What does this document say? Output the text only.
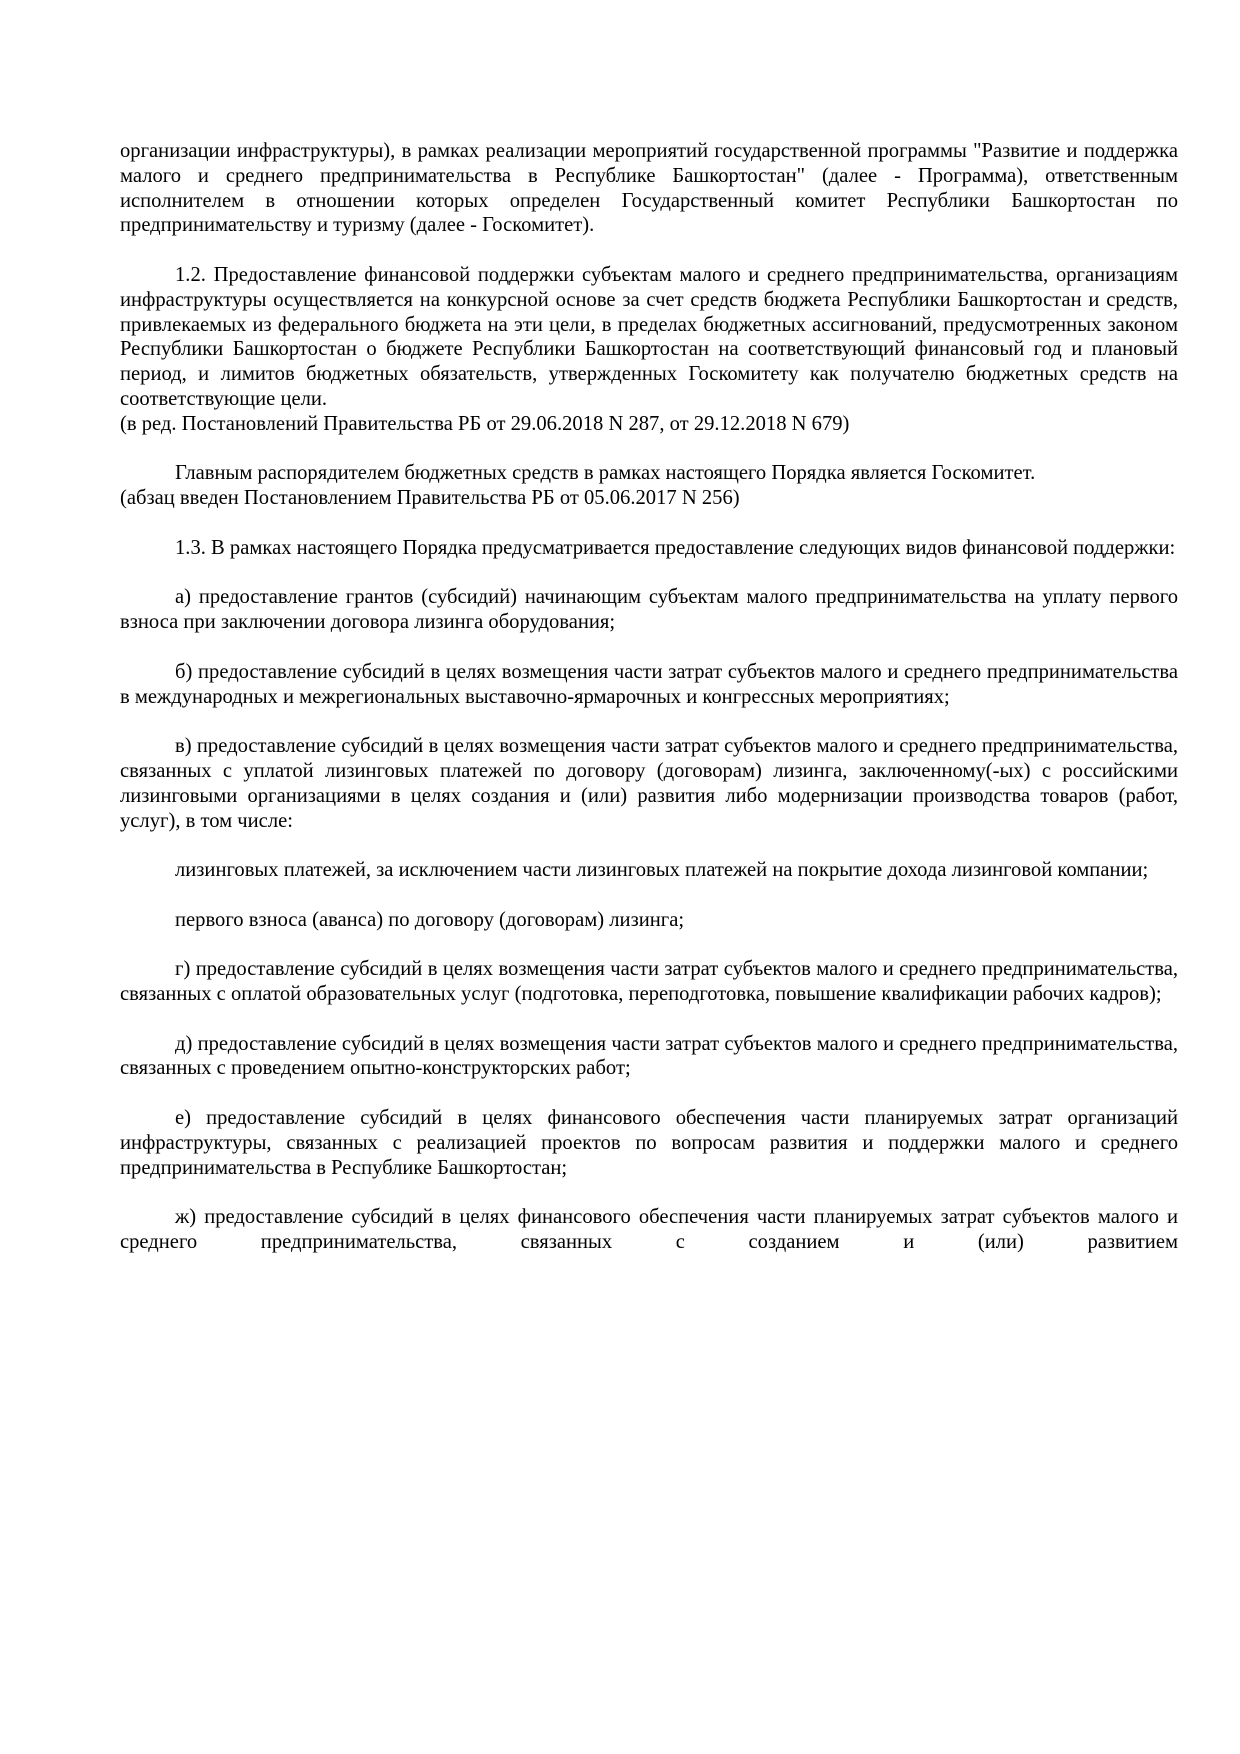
организации инфраструктуры), в рамках реализации мероприятий государственной программы "Развитие и поддержка малого и среднего предпринимательства в Республике Башкортостан" (далее - Программа), ответственным исполнителем в отношении которых определен Государственный комитет Республики Башкортостан по предпринимательству и туризму (далее - Госкомитет).

1.2. Предоставление финансовой поддержки субъектам малого и среднего предпринимательства, организациям инфраструктуры осуществляется на конкурсной основе за счет средств бюджета Республики Башкортостан и средств, привлекаемых из федерального бюджета на эти цели, в пределах бюджетных ассигнований, предусмотренных законом Республики Башкортостан о бюджете Республики Башкортостан на соответствующий финансовый год и плановый период, и лимитов бюджетных обязательств, утвержденных Госкомитету как получателю бюджетных средств на соответствующие цели.

(в ред. Постановлений Правительства РБ от 29.06.2018 N 287, от 29.12.2018 N 679)

Главным распорядителем бюджетных средств в рамках настоящего Порядка является Госкомитет.

(абзац введен Постановлением Правительства РБ от 05.06.2017 N 256)

1.3. В рамках настоящего Порядка предусматривается предоставление следующих видов финансовой поддержки:

а) предоставление грантов (субсидий) начинающим субъектам малого предпринимательства на уплату первого взноса при заключении договора лизинга оборудования;

б) предоставление субсидий в целях возмещения части затрат субъектов малого и среднего предпринимательства в международных и межрегиональных выставочно-ярмарочных и конгрессных мероприятиях;

в) предоставление субсидий в целях возмещения части затрат субъектов малого и среднего предпринимательства, связанных с уплатой лизинговых платежей по договору (договорам) лизинга, заключенному(-ых) с российскими лизинговыми организациями в целях создания и (или) развития либо модернизации производства товаров (работ, услуг), в том числе:

лизинговых платежей, за исключением части лизинговых платежей на покрытие дохода лизинговой компании;

первого взноса (аванса) по договору (договорам) лизинга;

г) предоставление субсидий в целях возмещения части затрат субъектов малого и среднего предпринимательства, связанных с оплатой образовательных услуг (подготовка, переподготовка, повышение квалификации рабочих кадров);

д) предоставление субсидий в целях возмещения части затрат субъектов малого и среднего предпринимательства, связанных с проведением опытно-конструкторских работ;

е) предоставление субсидий в целях финансового обеспечения части планируемых затрат организаций инфраструктуры, связанных с реализацией проектов по вопросам развития и поддержки малого и среднего предпринимательства в Республике Башкортостан;

ж) предоставление субсидий в целях финансового обеспечения части планируемых затрат субъектов малого и среднего предпринимательства, связанных с созданием и (или) развитием
